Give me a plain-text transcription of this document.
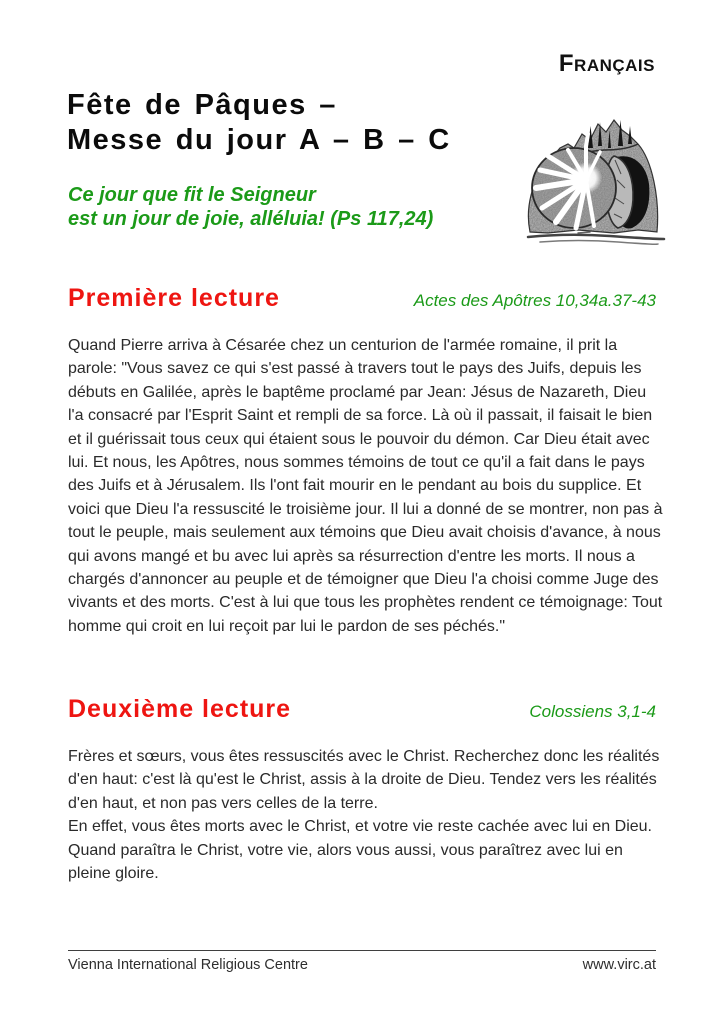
Français
Fête de Pâques –
Messe du jour A – B – C
Ce jour que fit le Seigneur
est un jour de joie, alléluia! (Ps 117,24)
Première lecture	Actes des Apôtres 10,34a.37-43

Quand Pierre arriva à Césarée chez un centurion de l'armée romaine, il prit la parole: "Vous savez ce qui s'est passé à travers tout le pays des Juifs, depuis les débuts en Galilée, après le baptême proclamé par Jean: Jésus de Nazareth, Dieu l'a consacré par l'Esprit Saint et rempli de sa force. Là où il passait, il faisait le bien et il guérissait tous ceux qui étaient sous le pouvoir du démon. Car Dieu était avec lui. Et nous, les Apôtres, nous sommes témoins de tout ce qu'il a fait dans le pays des Juifs et à Jérusalem. Ils l'ont fait mourir en le pendant au bois du supplice. Et voici que Dieu l'a ressuscité le troisième jour. Il lui a donné de se montrer, non pas à tout le peuple, mais seulement aux témoins que Dieu avait choisis d'avance, à nous qui avons mangé et bu avec lui après sa résurrection d'entre les morts. Il nous a chargés d'annoncer au peuple et de témoigner que Dieu l'a choisi comme Juge des vivants et des morts. C'est à lui que tous les prophètes rendent ce témoignage: Tout homme qui croit en lui reçoit par lui le pardon de ses péchés."

Deuxième lecture	Colossiens 3,1-4

Frères et sœurs, vous êtes ressuscités avec le Christ. Recherchez donc les réalités d'en haut: c'est là qu'est le Christ, assis à la droite de Dieu. Tendez vers les réalités d'en haut, et non pas vers celles de la terre.

En effet, vous êtes morts avec le Christ, et votre vie reste cachée avec lui en Dieu. Quand paraîtra le Christ, votre vie, alors vous aussi, vous paraîtrez avec lui en pleine gloire.

Vienna International Religious Centre	www.virc.at
